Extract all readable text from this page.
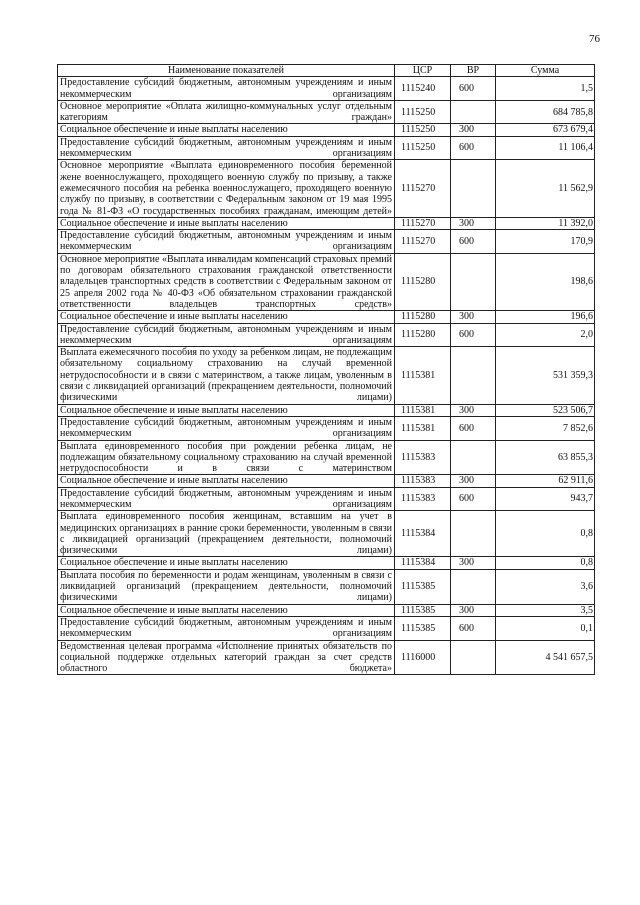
76
Наименование показателей	ЦСР	ВР	Сумма
Предоставление субсидий бюджетным, автономным учреждениям и иным некоммерческим организациям	1115240	600	1,5
Основное мероприятие «Оплата жилищно-коммунальных услуг отдельным категориям граждан»	1115250		684 785,8
Социальное обеспечение и иные выплаты населению	1115250	300	673 679,4
Предоставление субсидий бюджетным, автономным учреждениям и иным некоммерческим организациям	1115250	600	11 106,4
Основное мероприятие «Выплата единовременного пособия беременной жене военнослужащего, проходящего военную службу по призыву, а также ежемесячного пособия на ребенка военнослужащего, проходящего военную службу по призыву, в соответствии с Федеральным законом от 19 мая 1995 года № 81-ФЗ «О государственных пособиях гражданам, имеющим детей»	1115270		11 562,9
Социальное обеспечение и иные выплаты населению	1115270	300	11 392,0
Предоставление субсидий бюджетным, автономным учреждениям и иным некоммерческим организациям	1115270	600	170,9
Основное мероприятие «Выплата инвалидам компенсаций страховых премий по договорам обязательного страхования гражданской ответственности владельцев транспортных средств в соответствии с Федеральным законом от 25 апреля 2002 года № 40-ФЗ «Об обязательном страховании гражданской ответственности владельцев транспортных средств»	1115280		198,6
Социальное обеспечение и иные выплаты населению	1115280	300	196,6
Предоставление субсидий бюджетным, автономным учреждениям и иным некоммерческим организациям	1115280	600	2,0
Выплата ежемесячного пособия по уходу за ребенком лицам, не подлежащим обязательному социальному страхованию на случай временной нетрудоспособности и в связи с материнством, а также лицам, уволенным в связи с ликвидацией организаций (прекращением деятельности, полномочий физическими лицами)	1115381		531 359,3
Социальное обеспечение и иные выплаты населению	1115381	300	523 506,7
Предоставление субсидий бюджетным, автономным учреждениям и иным некоммерческим организациям	1115381	600	7 852,6
Выплата единовременного пособия при рождении ребенка лицам, не подлежащим обязательному социальному страхованию на случай временной нетрудоспособности и в связи с материнством	1115383		63 855,3
Социальное обеспечение и иные выплаты населению	1115383	300	62 911,6
Предоставление субсидий бюджетным, автономным учреждениям и иным некоммерческим организациям	1115383	600	943,7
Выплата единовременного пособия женщинам, вставшим на учет в медицинских организациях в ранние сроки беременности, уволенным в связи с ликвидацией организаций (прекращением деятельности, полномочий физическими лицами)	1115384		0,8
Социальное обеспечение и иные выплаты населению	1115384	300	0,8
Выплата пособия по беременности и родам женщинам, уволенным в связи с ликвидацией организаций (прекращением деятельности, полномочий физическими лицами)	1115385		3,6
Социальное обеспечение и иные выплаты населению	1115385	300	3,5
Предоставление субсидий бюджетным, автономным учреждениям и иным некоммерческим организациям	1115385	600	0,1
Ведомственная целевая программа «Исполнение принятых обязательств по социальной поддержке отдельных категорий граждан за счет средств областного бюджета»	1116000		4 541 657,5
